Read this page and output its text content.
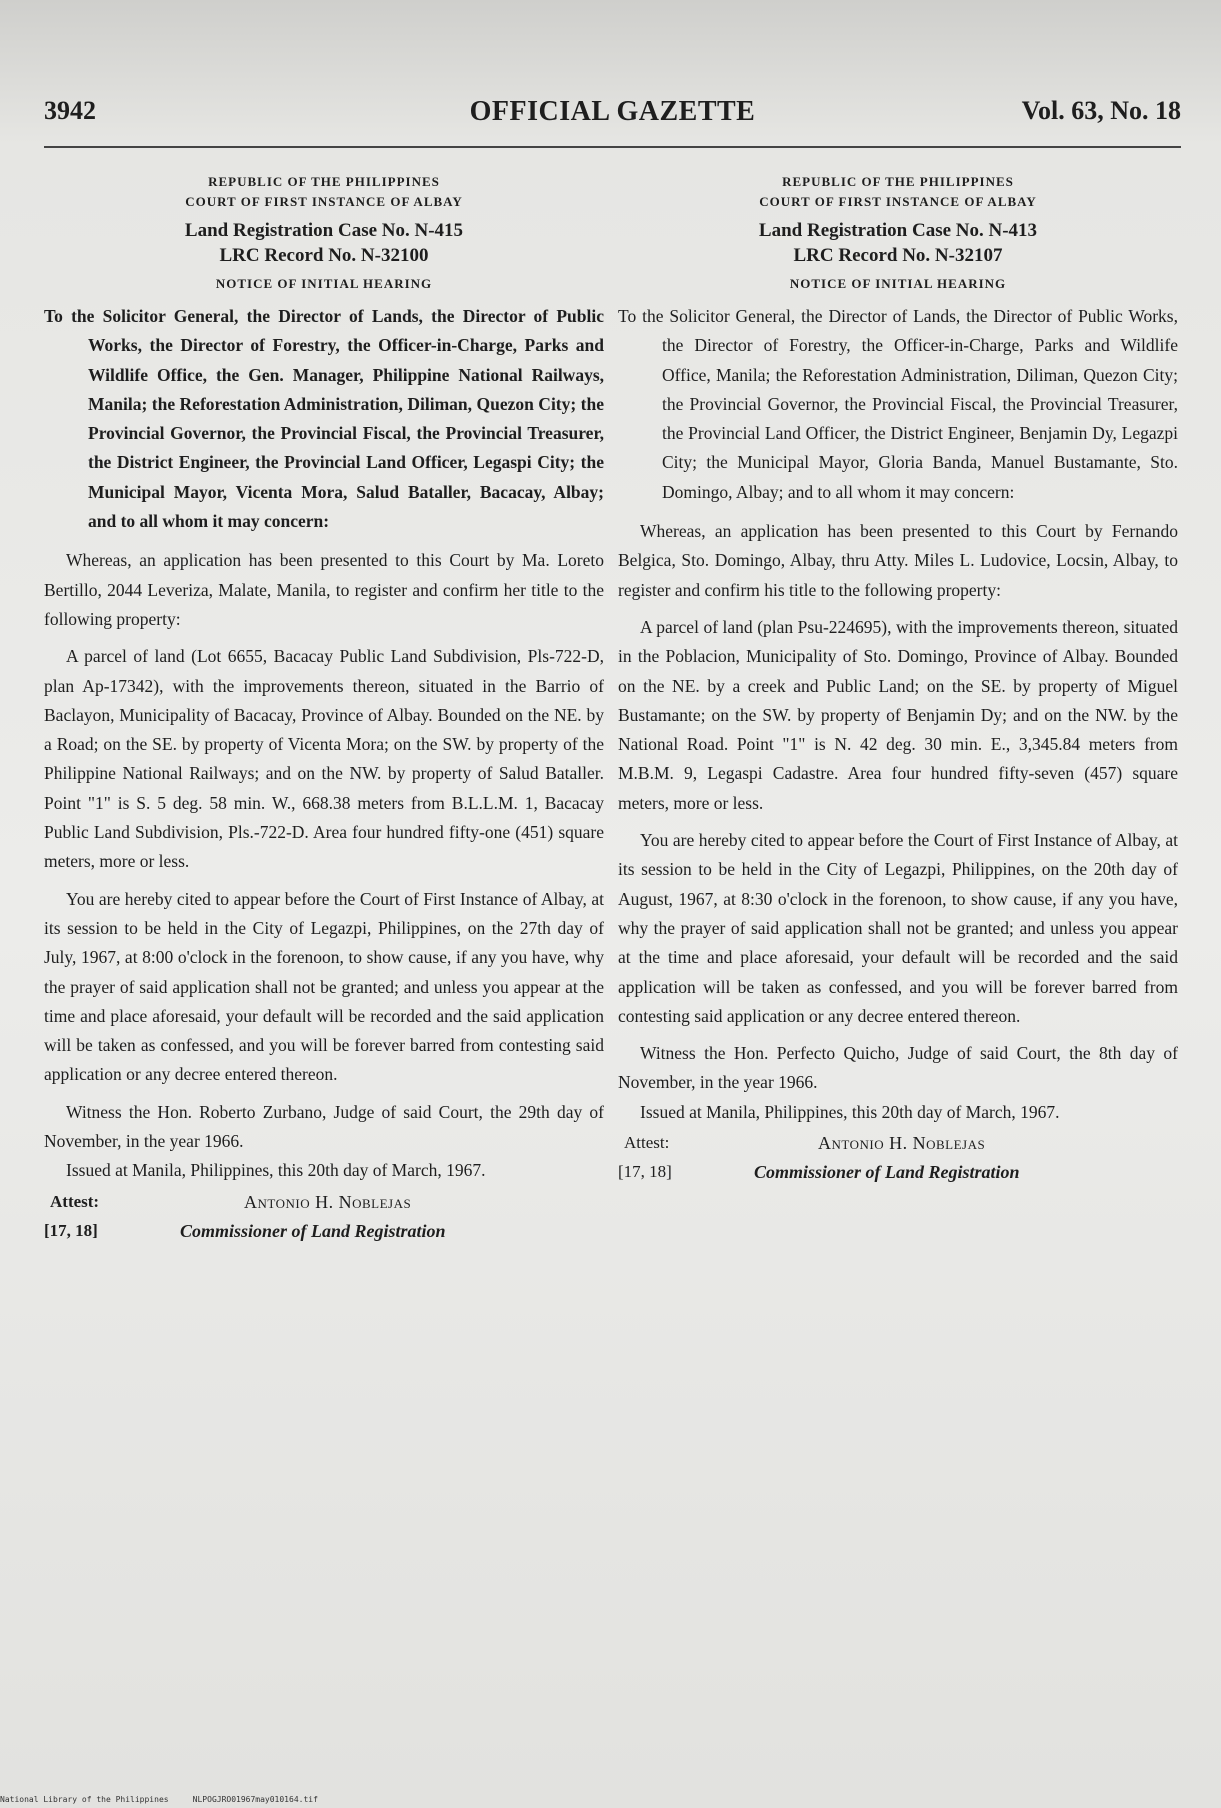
3942	OFFICIAL GAZETTE	Vol. 63, No. 18
REPUBLIC OF THE PHILIPPINES
COURT OF FIRST INSTANCE OF ALBAY
Land Registration Case No. N-415
LRC Record No. N-32100
NOTICE OF INITIAL HEARING

To the Solicitor General, the Director of Lands, the Director of Public Works, the Director of Forestry, the Officer-in-Charge, Parks and Wildlife Office, the Gen. Manager, Philippine National Railways, Manila; the Reforestation Administration, Diliman, Quezon City; the Provincial Governor, the Provincial Fiscal, the Provincial Treasurer, the District Engineer, the Provincial Land Officer, Legaspi City; the Municipal Mayor, Vicenta Mora, Salud Bataller, Bacacay, Albay; and to all whom it may concern:

Whereas, an application has been presented to this Court by Ma. Loreto Bertillo, 2044 Leveriza, Malate, Manila, to register and confirm her title to the following property:

A parcel of land (Lot 6655, Bacacay Public Land Subdivision, Pls-722-D, plan Ap-17342), with the improvements thereon, situated in the Barrio of Baclayon, Municipality of Bacacay, Province of Albay. Bounded on the NE. by a Road; on the SE. by property of Vicenta Mora; on the SW. by property of the Philippine National Railways; and on the NW. by property of Salud Bataller. Point "1" is S. 5 deg. 58 min. W., 668.38 meters from B.L.L.M. 1, Bacacay Public Land Subdivision, Pls.-722-D. Area four hundred fifty-one (451) square meters, more or less.

You are hereby cited to appear before the Court of First Instance of Albay, at its session to be held in the City of Legazpi, Philippines, on the 27th day of July, 1967, at 8:00 o'clock in the forenoon, to show cause, if any you have, why the prayer of said application shall not be granted; and unless you appear at the time and place aforesaid, your default will be recorded and the said application will be taken as confessed, and you will be forever barred from contesting said application or any decree entered thereon.

Witness the Hon. Roberto Zurbano, Judge of said Court, the 29th day of November, in the year 1966.

Issued at Manila, Philippines, this 20th day of March, 1967.

Attest:
[17, 18]
Antonio H. Noblejas
Commissioner of Land Registration
REPUBLIC OF THE PHILIPPINES
COURT OF FIRST INSTANCE OF ALBAY
Land Registration Case No. N-413
LRC Record No. N-32107
NOTICE OF INITIAL HEARING

To the Solicitor General, the Director of Lands, the Director of Public Works, the Director of Forestry, the Officer-in-Charge, Parks and Wildlife Office, Manila; the Reforestation Administration, Diliman, Quezon City; the Provincial Governor, the Provincial Fiscal, the Provincial Treasurer, the Provincial Land Officer, the District Engineer, Benjamin Dy, Legazpi City; the Municipal Mayor, Gloria Banda, Manuel Bustamante, Sto. Domingo, Albay; and to all whom it may concern:

Whereas, an application has been presented to this Court by Fernando Belgica, Sto. Domingo, Albay, thru Atty. Miles L. Ludovice, Locsin, Albay, to register and confirm his title to the following property:

A parcel of land (plan Psu-224695), with the improvements thereon, situated in the Poblacion, Municipality of Sto. Domingo, Province of Albay. Bounded on the NE. by a creek and Public Land; on the SE. by property of Miguel Bustamante; on the SW. by property of Benjamin Dy; and on the NW. by the National Road. Point "1" is N. 42 deg. 30 min. E., 3,345.84 meters from M.B.M. 9, Legaspi Cadastre. Area four hundred fifty-seven (457) square meters, more or less.

You are hereby cited to appear before the Court of First Instance of Albay, at its session to be held in the City of Legazpi, Philippines, on the 20th day of August, 1967, at 8:30 o'clock in the forenoon, to show cause, if any you have, why the prayer of said application shall not be granted; and unless you appear at the time and place aforesaid, your default will be recorded and the said application will be taken as confessed, and you will be forever barred from contesting said application or any decree entered thereon.

Witness the Hon. Perfecto Quicho, Judge of said Court, the 8th day of November, in the year 1966.

Issued at Manila, Philippines, this 20th day of March, 1967.

Attest:
[17, 18]
Antonio H. Noblejas
Commissioner of Land Registration
National Library of the Philippines	NLPOGJRO01967may010164.tif
